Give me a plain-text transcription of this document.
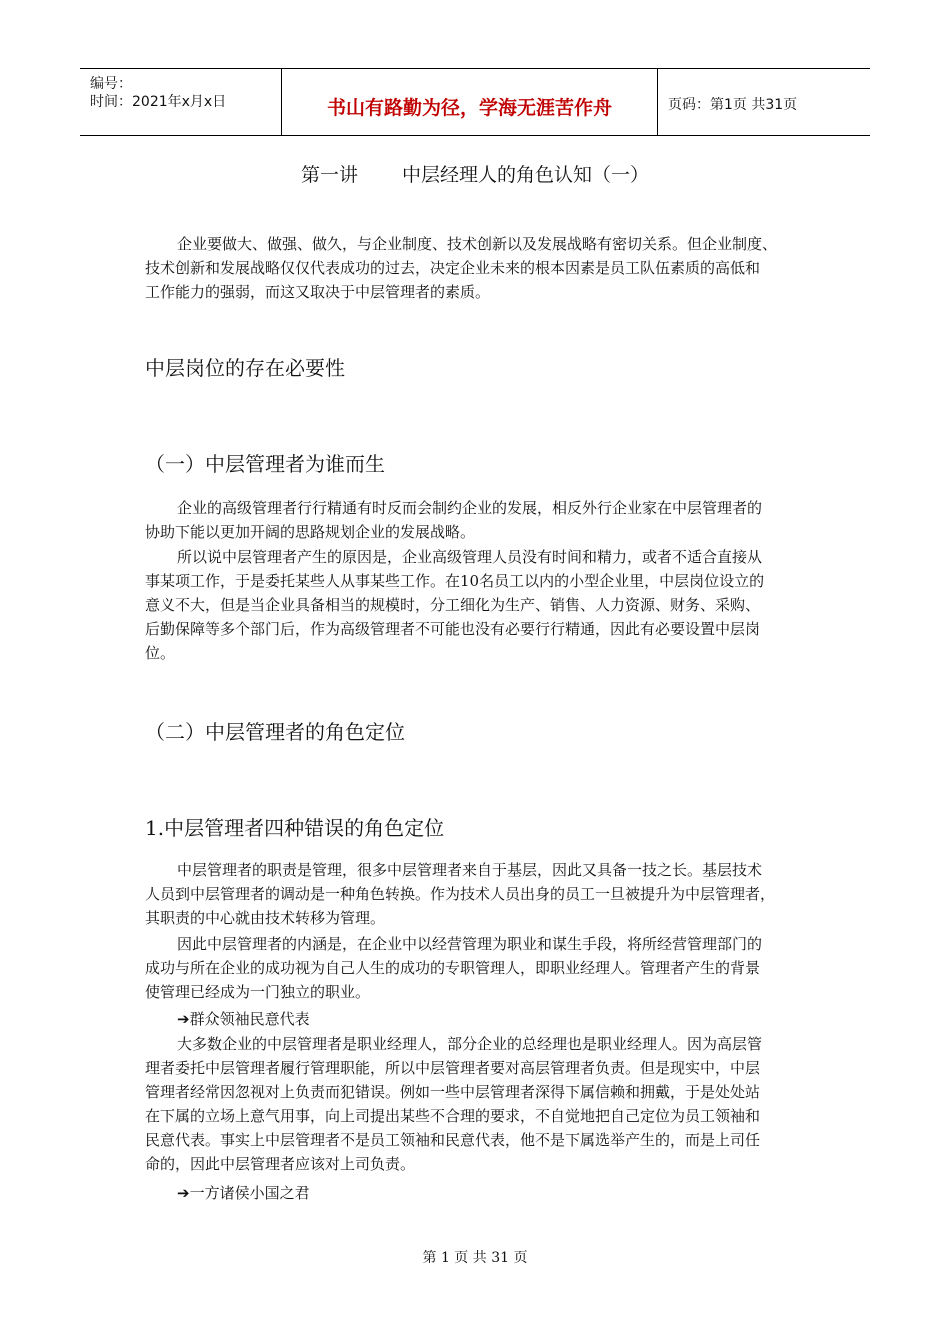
编号：
时间：2021年x月x日	书山有路勤为径，学海无涯苦作舟	页码：第1页 共31页
第一讲 中层经理人的角色认知（一）

企业要做大、做强、做久，与企业制度、技术创新以及发展战略有密切关系。但企业制度、
技术创新和发展战略仅仅代表成功的过去，决定企业未来的根本因素是员工队伍素质的高低和
工作能力的强弱，而这又取决于中层管理者的素质。

中层岗位的存在必要性
（一）中层管理者为谁而生

企业的高级管理者行行精通有时反而会制约企业的发展，相反外行企业家在中层管理者的
协助下能以更加开阔的思路规划企业的发展战略。

所以说中层管理者产生的原因是，企业高级管理人员没有时间和精力，或者不适合直接从
事某项工作，于是委托某些人从事某些工作。在10名员工以内的小型企业里，中层岗位设立的
意义不大，但是当企业具备相当的规模时，分工细化为生产、销售、人力资源、财务、采购、
后勤保障等多个部门后，作为高级管理者不可能也没有必要行行精通，因此有必要设置中层岗
位。

（二）中层管理者的角色定位
1.中层管理者四种错误的角色定位

中层管理者的职责是管理，很多中层管理者来自于基层，因此又具备一技之长。基层技术
人员到中层管理者的调动是一种角色转换。作为技术人员出身的员工一旦被提升为中层管理者，
其职责的中心就由技术转移为管理。

因此中层管理者的内涵是，在企业中以经营管理为职业和谋生手段，将所经营管理部门的
成功与所在企业的成功视为自己人生的成功的专职管理人，即职业经理人。管理者产生的背景
使管理已经成为一门独立的职业。

➔群众领袖民意代表

大多数企业的中层管理者是职业经理人，部分企业的总经理也是职业经理人。因为高层管
理者委托中层管理者履行管理职能，所以中层管理者要对高层管理者负责。但是现实中，中层
管理者经常因忽视对上负责而犯错误。例如一些中层管理者深得下属信赖和拥戴，于是处处站
在下属的立场上意气用事，向上司提出某些不合理的要求，不自觉地把自己定位为员工领袖和
民意代表。事实上中层管理者不是员工领袖和民意代表，他不是下属选举产生的，而是上司任
命的，因此中层管理者应该对上司负责。

➔一方诸侯小国之君
第 1 页 共 31 页
